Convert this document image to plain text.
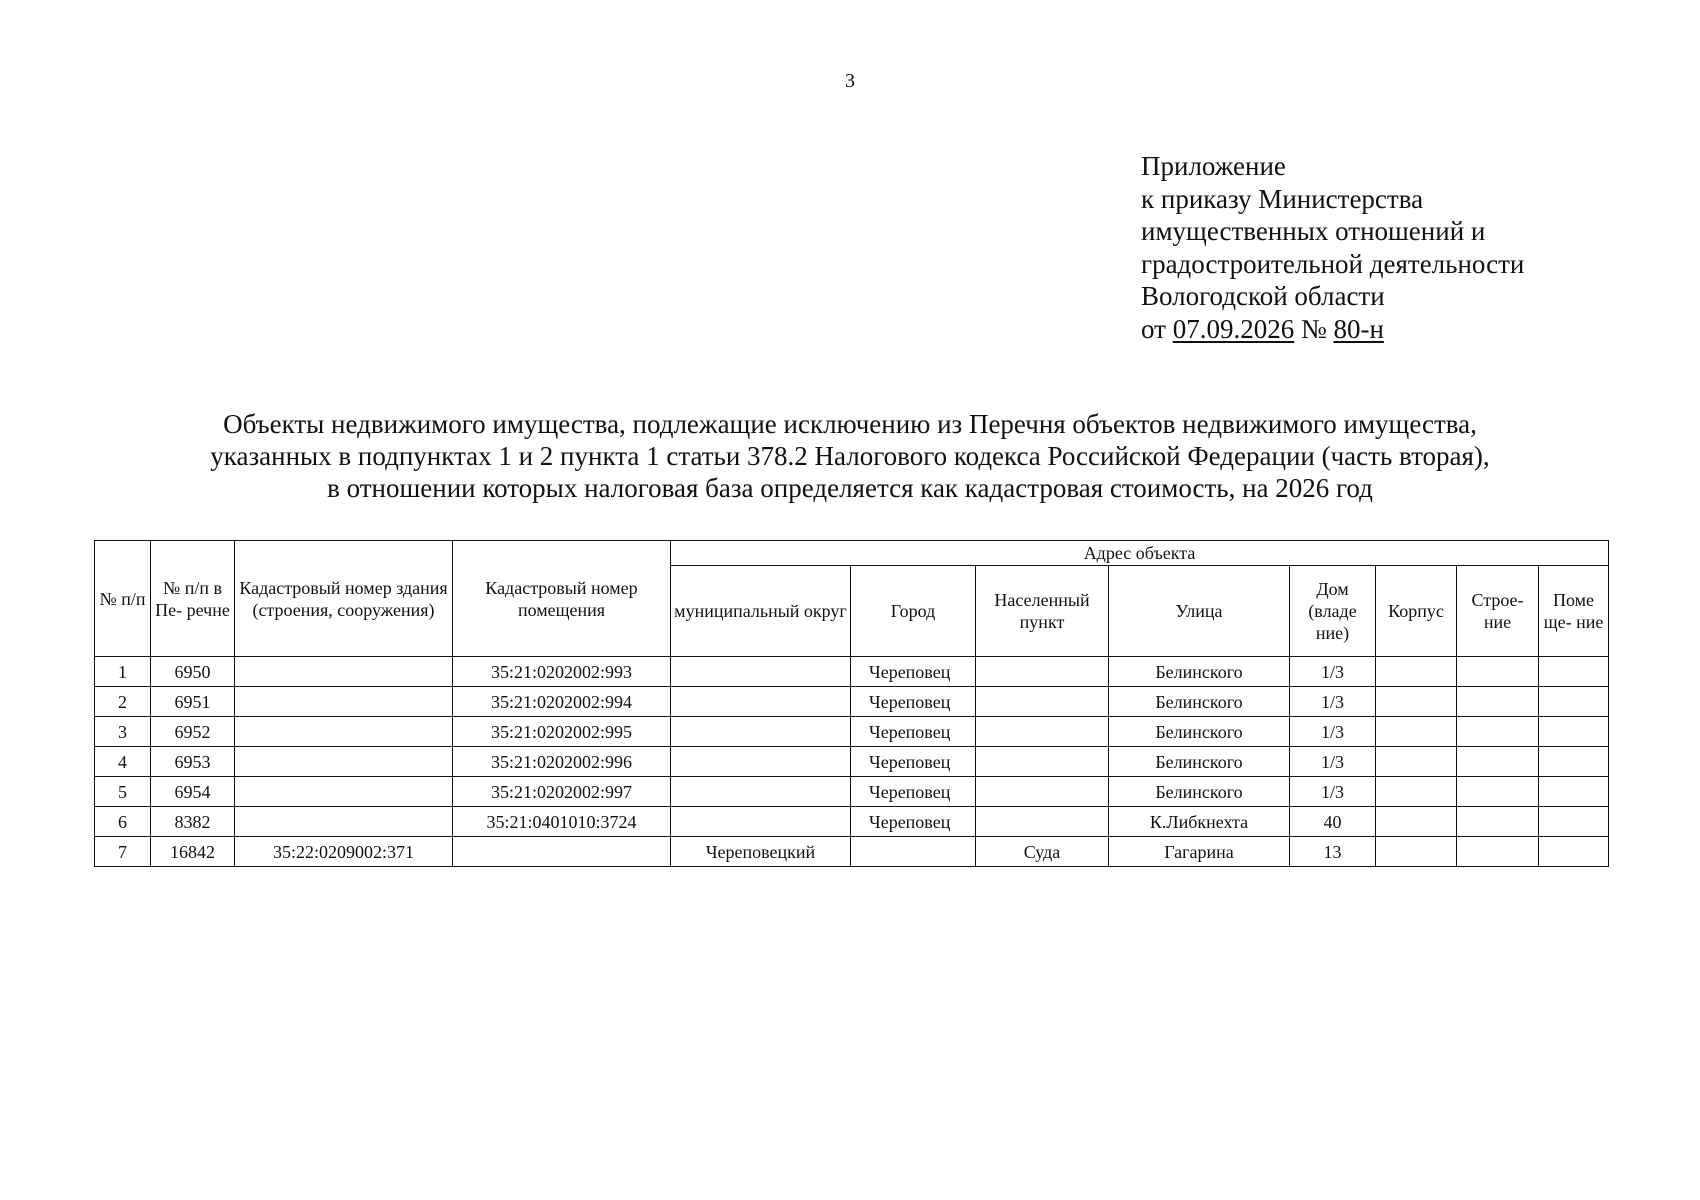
3
Приложение
к приказу Министерства
имущественных отношений и
градостроительной деятельности
Вологодской области
от 07.09.2026 № 80-н
Объекты недвижимого имущества, подлежащие исключению из Перечня объектов недвижимого имущества,
указанных в подпунктах 1 и 2 пункта 1 статьи 378.2 Налогового кодекса Российской Федерации (часть вторая),
в отношении которых налоговая база определяется как кадастровая стоимость, на 2026 год
№ п/п	№ п/п в Пе- речне	Кадастровый номер здания (строения, сооружения)	Кадастровый номер помещения	Адрес объекта							
				муниципальный округ	Город	Населенный пункт	Улица	Дом (владе ние)	Корпус	Строе- ние	Поме ще- ние
1	6950		35:21:0202002:993		Череповец		Белинского	1/3			
2	6951		35:21:0202002:994		Череповец		Белинского	1/3			
3	6952		35:21:0202002:995		Череповец		Белинского	1/3			
4	6953		35:21:0202002:996		Череповец		Белинского	1/3			
5	6954		35:21:0202002:997		Череповец		Белинского	1/3			
6	8382		35:21:0401010:3724		Череповец		К.Либкнехта	40			
7	16842	35:22:0209002:371		Череповецкий		Суда	Гагарина	13			
